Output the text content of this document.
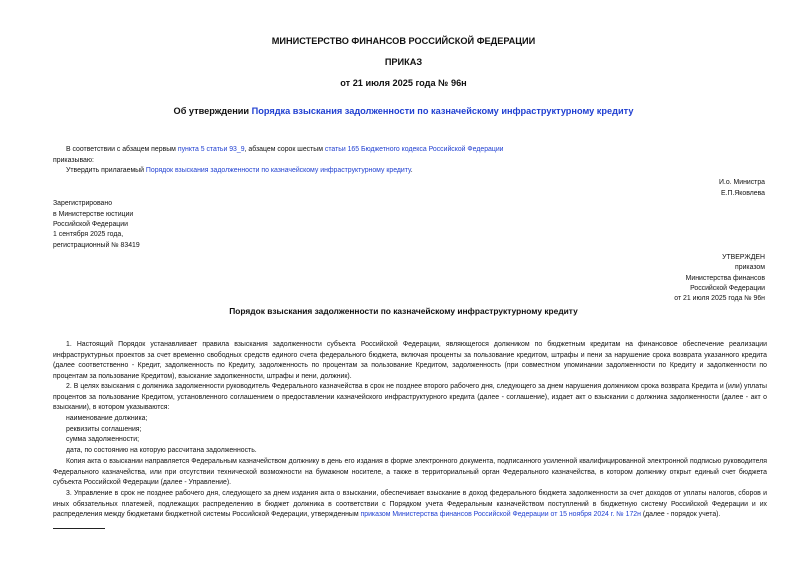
МИНИСТЕРСТВО ФИНАНСОВ РОССИЙСКОЙ ФЕДЕРАЦИИ
ПРИКАЗ
от 21 июля 2025 года № 96н
Об утверждении Порядка взыскания задолженности по казначейскому инфраструктурному кредиту
В соответствии с абзацем первым пункта 5 статьи 93_9, абзацем сорок шестым статьи 165 Бюджетного кодекса Российской Федерации
приказываю:
Утвердить прилагаемый Порядок взыскания задолженности по казначейскому инфраструктурному кредиту.
И.о. Министра
Е.П.Яковлева
Зарегистрировано
в Министерстве юстиции
Российской Федерации
1 сентября 2025 года,
регистрационный № 83419
УТВЕРЖДЕН
приказом
Министерства финансов
Российской Федерации
от 21 июля 2025 года № 96н
Порядок взыскания задолженности по казначейскому инфраструктурному кредиту

1. Настоящий Порядок устанавливает правила взыскания задолженности субъекта Российской Федерации, являющегося должником по бюджетным кредитам на финансовое обеспечение реализации инфраструктурных проектов за счет временно свободных средств единого счета федерального бюджета, включая проценты за пользование кредитом, штрафы и пени за нарушение срока возврата указанного кредита (далее соответственно - Кредит, задолженность по Кредиту, задолженность по процентам за пользование Кредитом, задолженность (при совместном упоминании задолженности по Кредиту и задолженности по процентам за пользование Кредитом), взыскание задолженности, штрафы и пени, должник).

2. В целях взыскания с должника задолженности руководитель Федерального казначейства в срок не позднее второго рабочего дня, следующего за днем нарушения должником срока возврата Кредита и (или) уплаты процентов за пользование Кредитом, установленного соглашением о предоставлении казначейского инфраструктурного кредита (далее - соглашение), издает акт о взыскании с должника задолженности (далее - акт о взыскании), в котором указываются:

наименование должника;
реквизиты соглашения;
сумма задолженности;
дата, по состоянию на которую рассчитана задолженность.

Копия акта о взыскании направляется Федеральным казначейством должнику в день его издания в форме электронного документа, подписанного усиленной квалифицированной электронной подписью руководителя Федерального казначейства, или при отсутствии технической возможности на бумажном носителе, а также в территориальный орган Федерального казначейства, в котором должнику открыт единый счет бюджета субъекта Российской Федерации (далее - Управление).

3. Управление в срок не позднее рабочего дня, следующего за днем издания акта о взыскании, обеспечивает взыскание в доход федерального бюджета задолженности за счет доходов от уплаты налогов, сборов и иных обязательных платежей, подлежащих распределению в бюджет должника в соответствии с Порядком учета Федеральным казначейством поступлений в бюджетную систему Российской Федерации и их распределения между бюджетами бюджетной системы Российской Федерации, утвержденным приказом Министерства финансов Российской Федерации от 15 ноября 2024 г. № 172н (далее - порядок учета).
